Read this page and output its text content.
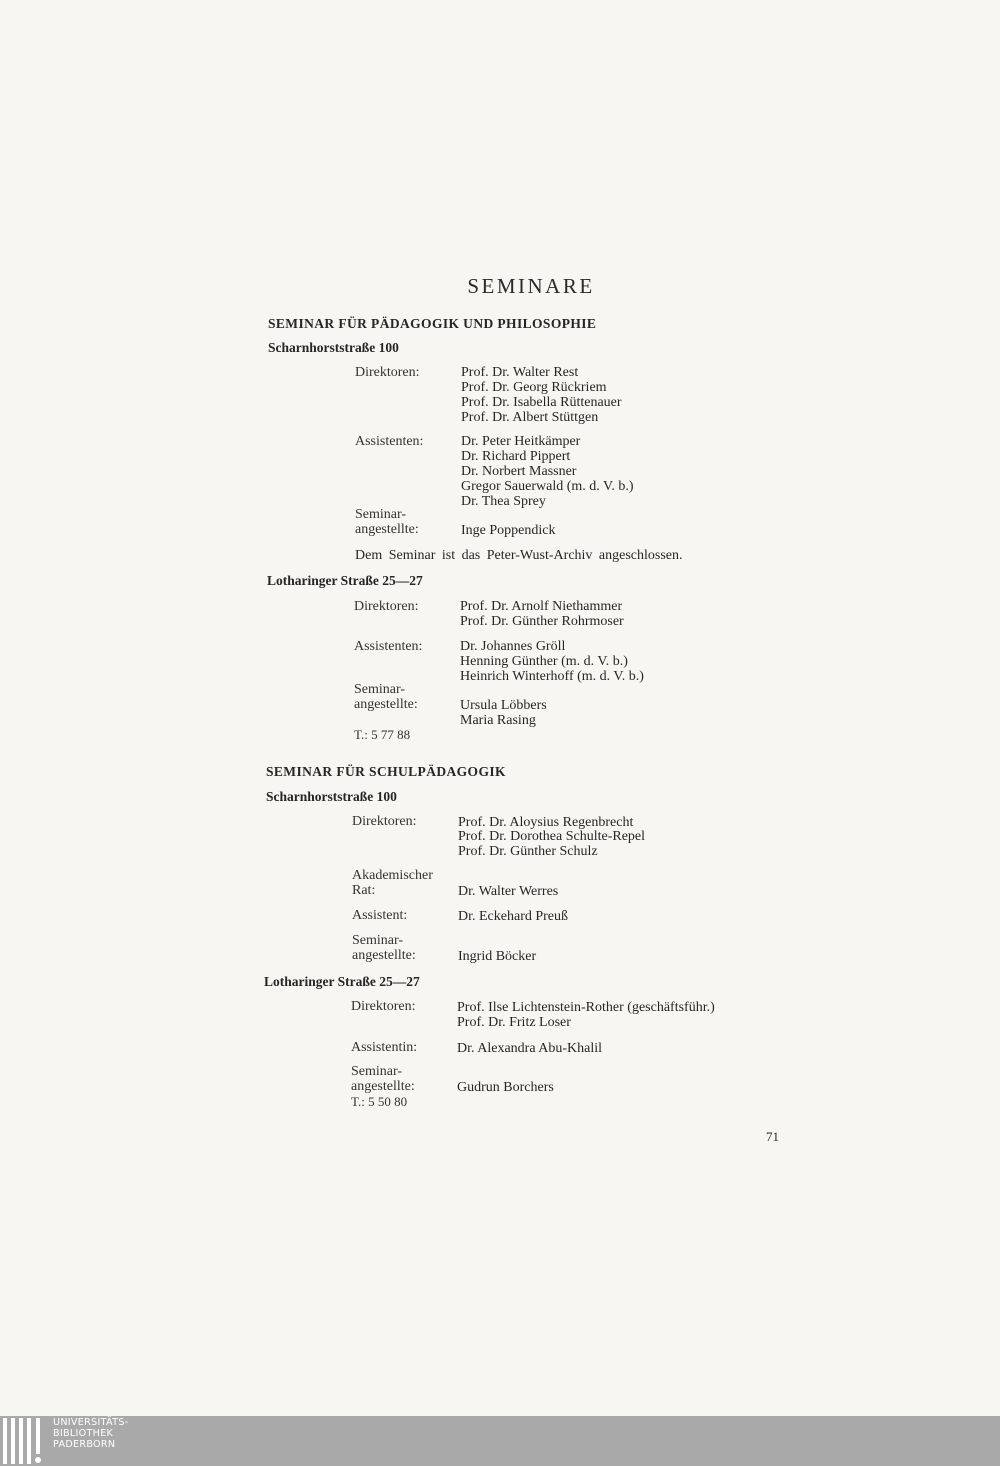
SEMINARE
SEMINAR FÜR PÄDAGOGIK UND PHILOSOPHIE
Scharnhorststraße 100
Direktoren:	Prof. Dr. Walter Rest
Prof. Dr. Georg Rückriem
Prof. Dr. Isabella Rüttenauer
Prof. Dr. Albert Stüttgen
Assistenten:	Dr. Peter Heitkämper
Dr. Richard Pippert
Dr. Norbert Massner
Gregor Sauerwald (m. d. V. b.)
Dr. Thea Sprey
Seminar-
angestellte:	Inge Poppendick
Dem Seminar ist das Peter-Wust-Archiv angeschlossen.
Lotharinger Straße 25—27
Direktoren:	Prof. Dr. Arnolf Niethammer
Prof. Dr. Günther Rohrmoser
Assistenten:	Dr. Johannes Gröll
Henning Günther (m. d. V. b.)
Heinrich Winterhoff (m. d. V. b.)
Seminar-
angestellte:	Ursula Löbbers
Maria Rasing
T.: 5 77 88
SEMINAR FÜR SCHULPÄDAGOGIK
Scharnhorststraße 100
Direktoren:	Prof. Dr. Aloysius Regenbrecht
Prof. Dr. Dorothea Schulte-Repel
Prof. Dr. Günther Schulz
Akademischer
Rat:	Dr. Walter Werres
Assistent:	Dr. Eckehard Preuß
Seminar-
angestellte:	Ingrid Böcker
Lotharinger Straße 25—27
Direktoren:	Prof. Ilse Lichtenstein-Rother (geschäftsführ.)
Prof. Dr. Fritz Loser
Assistentin:	Dr. Alexandra Abu-Khalil
Seminar-
angestellte:	Gudrun Borchers
T.: 5 50 80
71
UNIVERSITÄTS-
BIBLIOTHEK
PADERBORN
